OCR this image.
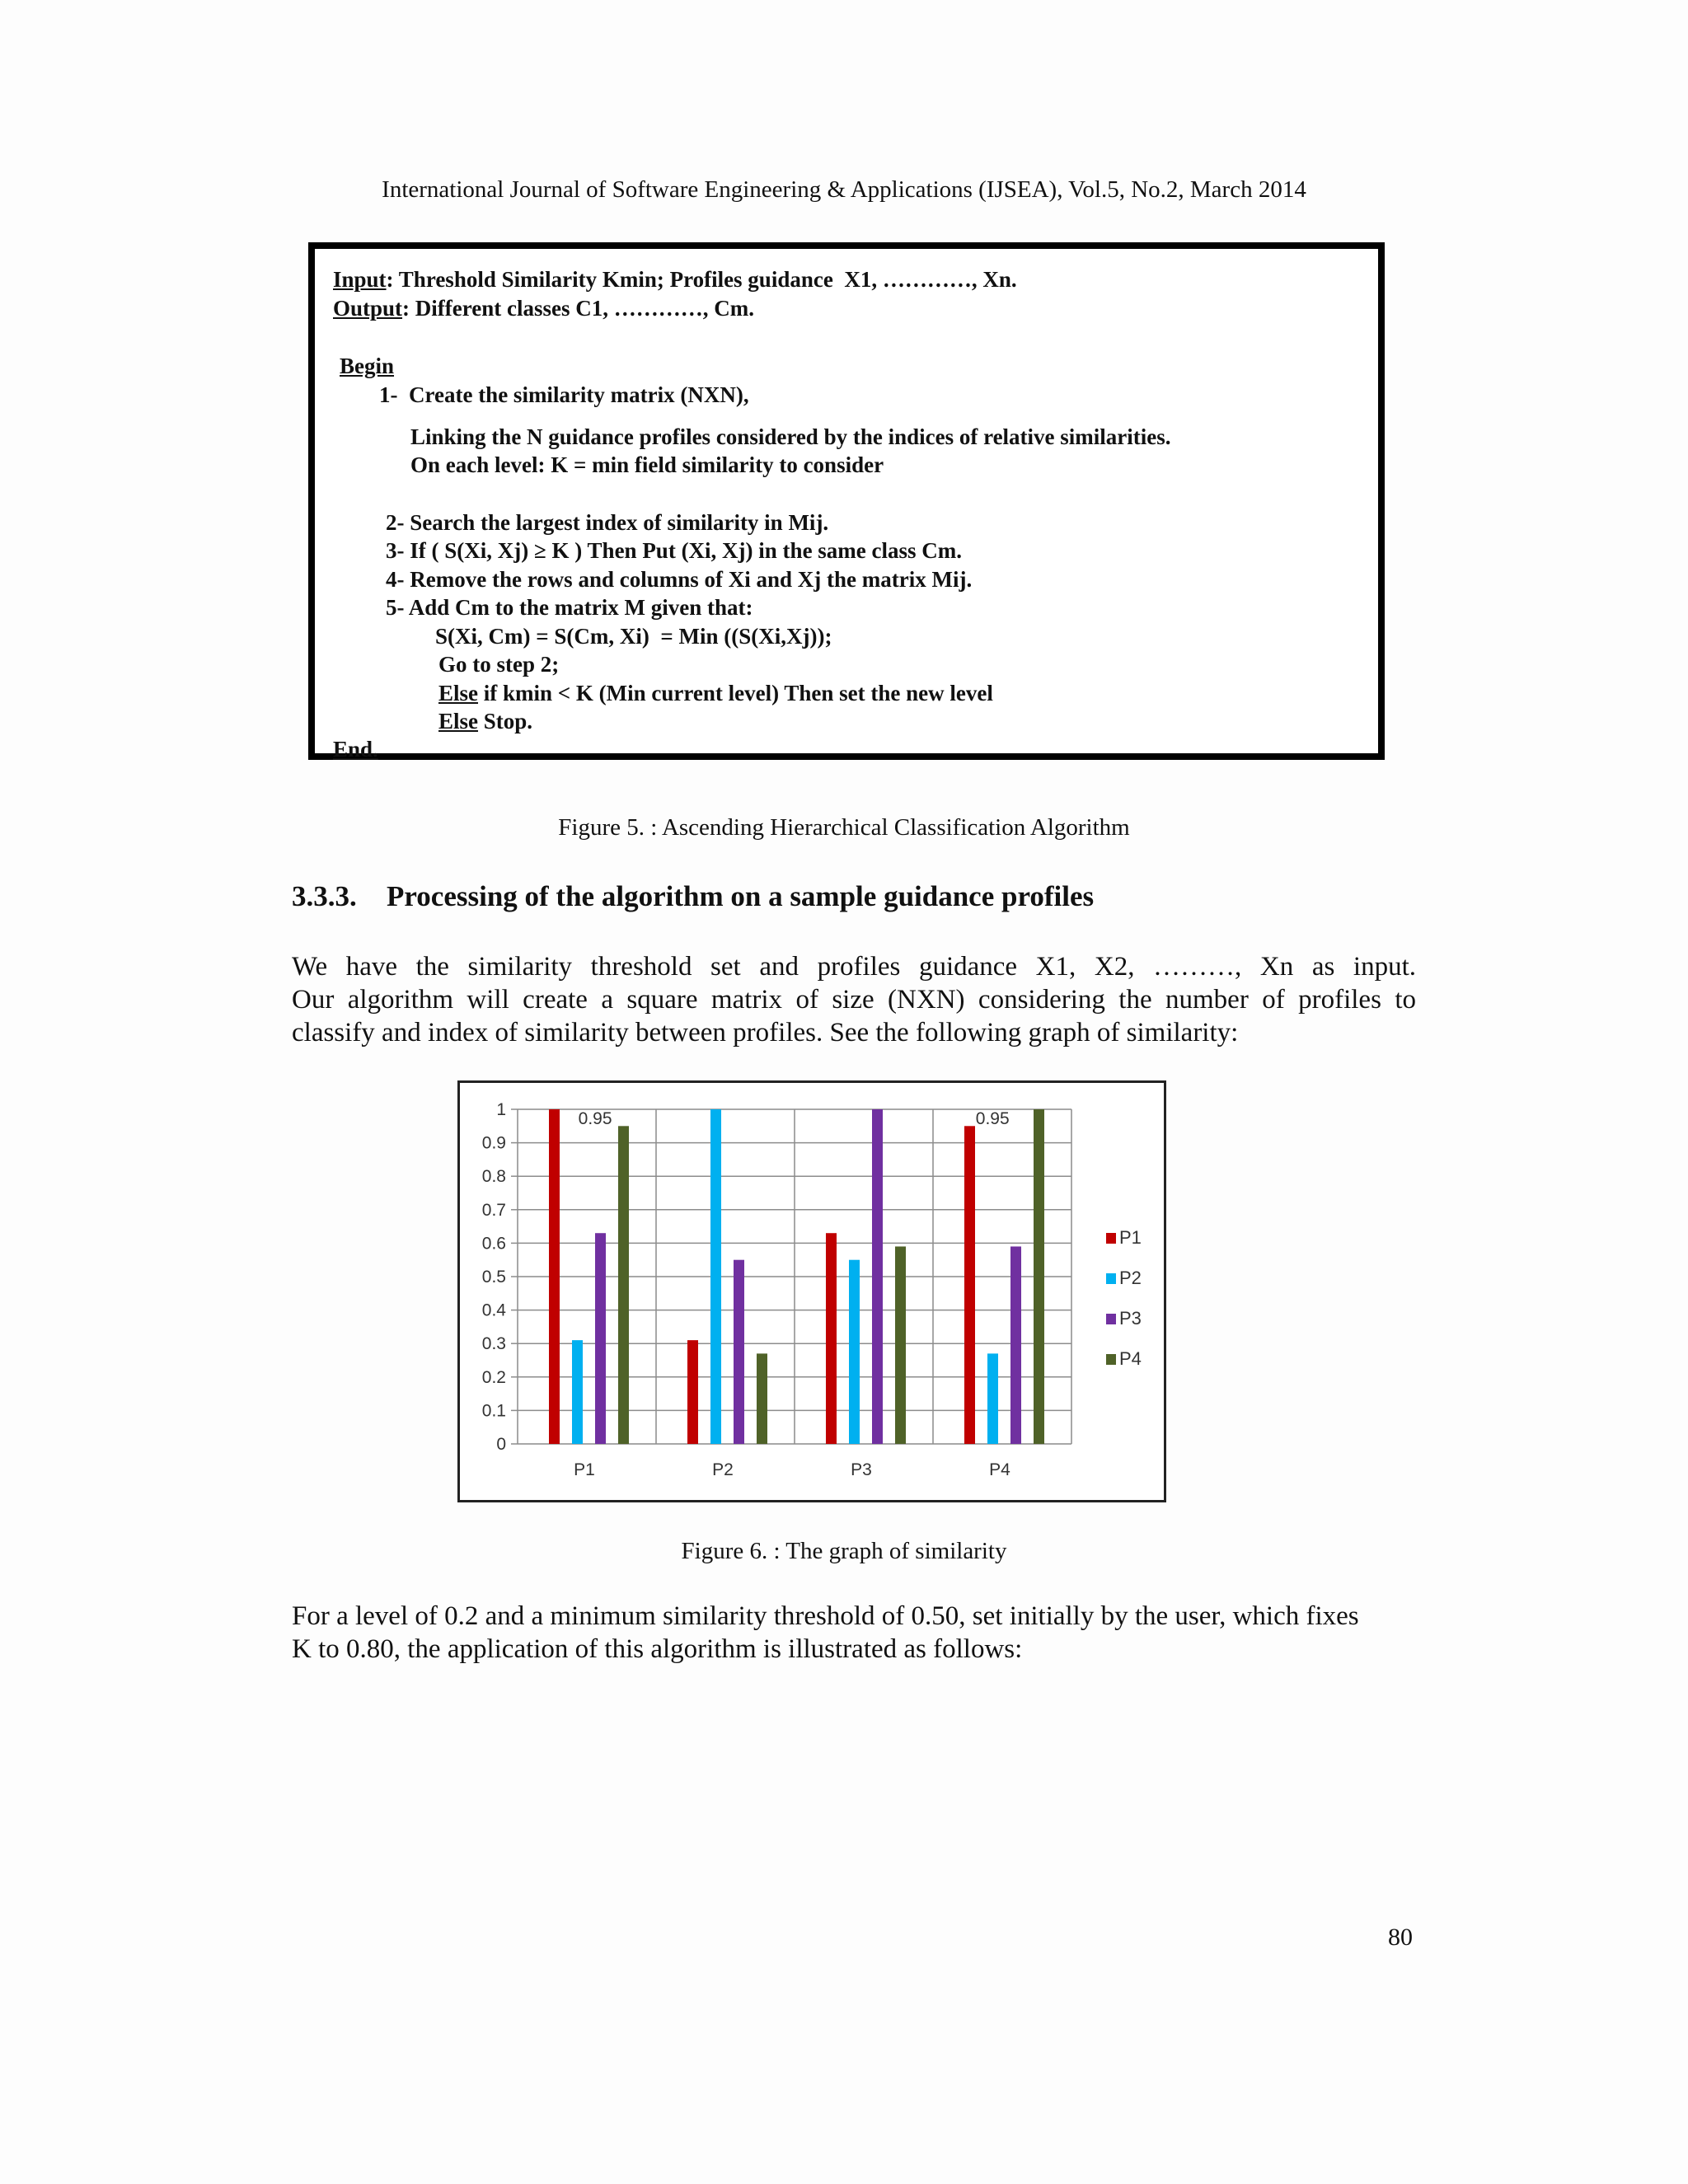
International Journal of Software Engineering & Applications (IJSEA), Vol.5, No.2, March 2014
Input: Threshold Similarity Kmin; Profiles guidance  X1, …………, Xn.
Output: Different classes C1, …………, Cm.
Begin
1-  Create the similarity matrix (NXN),
Linking the N guidance profiles considered by the indices of relative similarities.
On each level: K = min field similarity to consider
2- Search the largest index of similarity in Mij.
3- If ( S(Xi, Xj) ≥ K ) Then Put (Xi, Xj) in the same class Cm.
4- Remove the rows and columns of Xi and Xj the matrix Mij.
5- Add Cm to the matrix M given that:
S(Xi, Cm) = S(Cm, Xi)  = Min ((S(Xi,Xj));
Go to step 2;
Else if kmin < K (Min current level) Then set the new level
Else Stop.
End.
Figure 5. : Ascending Hierarchical Classification Algorithm
3.3.3. Processing of the algorithm on a sample guidance profiles
We have the similarity threshold set and profiles guidance X1, X2, ………, Xn as input.
Our algorithm will create a square matrix of size (NXN) considering the number of profiles to
classify and index of similarity between profiles. See the following graph of similarity:
0
0.1
0.2
0.3
0.4
0.5
0.6
0.7
0.8
0.9
1
P1	P2	P3	P4
0.95	0.95
P1
P2
P3
P4
Figure 6. : The graph of similarity
For a level of 0.2 and a minimum similarity threshold of 0.50, set initially by the user, which fixes
K to 0.80, the application of this algorithm is illustrated as follows:
80
